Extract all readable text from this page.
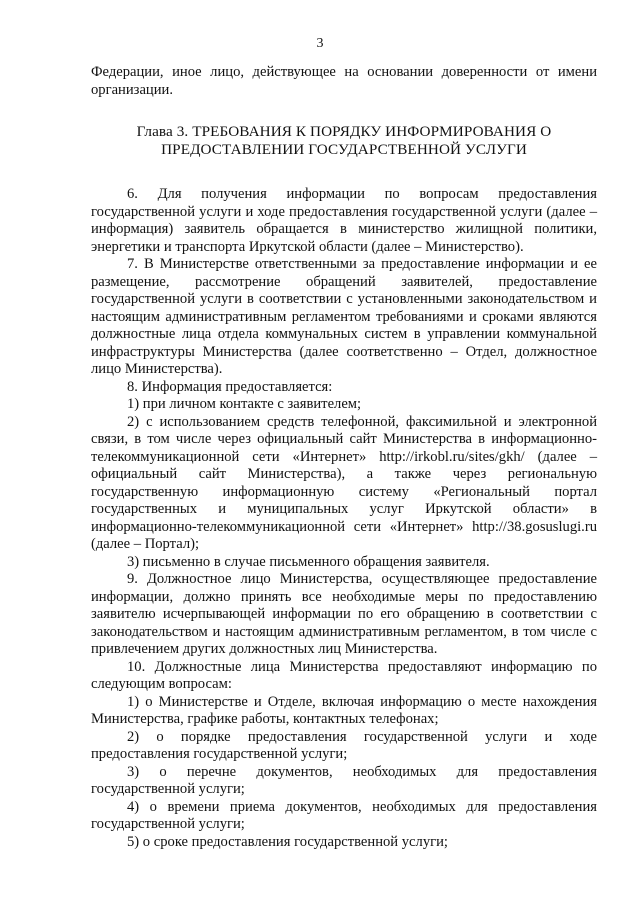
3

Федерации, иное лицо, действующее на основании доверенности от имени организации.

Глава 3. ТРЕБОВАНИЯ К ПОРЯДКУ ИНФОРМИРОВАНИЯ О ПРЕДОСТАВЛЕНИИ ГОСУДАРСТВЕННОЙ УСЛУГИ

6. Для получения информации по вопросам предоставления государственной услуги и ходе предоставления государственной услуги (далее – информация) заявитель обращается в министерство жилищной политики, энергетики и транспорта Иркутской области (далее – Министерство).

7. В Министерстве ответственными за предоставление информации и ее размещение, рассмотрение обращений заявителей, предоставление государственной услуги в соответствии с установленными законодательством и настоящим административным регламентом требованиями и сроками являются должностные лица отдела коммунальных систем в управлении коммунальной инфраструктуры Министерства (далее соответственно – Отдел, должностное лицо Министерства).

8. Информация предоставляется:

1) при личном контакте с заявителем;

2) с использованием средств телефонной, факсимильной и электронной связи, в том числе через официальный сайт Министерства в информационно-телекоммуникационной сети «Интернет» http://irkobl.ru/sites/gkh/ (далее – официальный сайт Министерства), а также через региональную государственную информационную систему «Региональный портал государственных и муниципальных услуг Иркутской области» в информационно-телекоммуникационной сети «Интернет» http://38.gosuslugi.ru (далее – Портал);

3) письменно в случае письменного обращения заявителя.

9. Должностное лицо Министерства, осуществляющее предоставление информации, должно принять все необходимые меры по предоставлению заявителю исчерпывающей информации по его обращению в соответствии с законодательством и настоящим административным регламентом, в том числе с привлечением других должностных лиц Министерства.

10. Должностные лица Министерства предоставляют информацию по следующим вопросам:

1) о Министерстве и Отделе, включая информацию о месте нахождения Министерства, графике работы, контактных телефонах;

2) о порядке предоставления государственной услуги и ходе предоставления государственной услуги;

3) о перечне документов, необходимых для предоставления государственной услуги;

4) о времени приема документов, необходимых для предоставления государственной услуги;

5) о сроке предоставления государственной услуги;
